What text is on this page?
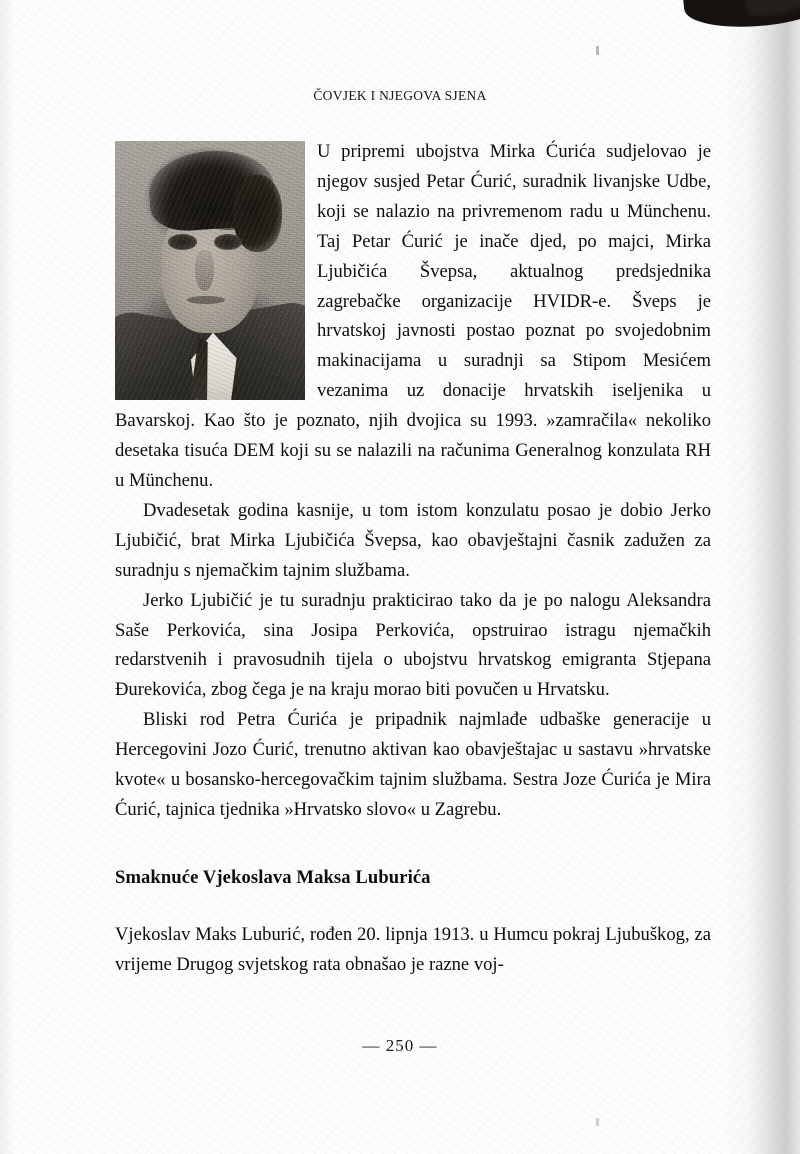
ČOVJEK I NJEGOVA SJENA

U pripremi ubojstva Mirka Ćurića sudjelovao je njegov susjed Petar Ćurić, suradnik livanjske Udbe, koji se nalazio na privremenom radu u Münchenu. Taj Petar Ćurić je inače djed, po majci, Mirka Ljubičića Švepsa, aktualnog predsjednika zagrebačke organizacije HVIDR-e. Šveps je hrvatskoj javnosti postao poznat po svojedobnim makinacijama u suradnji sa Stipom Mesićem vezanima uz donacije hrvatskih iseljenika u Bavarskoj. Kao što je poznato, njih dvojica su 1993. »zamračila« nekoliko desetaka tisuća DEM koji su se nalazili na računima Generalnog konzulata RH u Münchenu.

Dvadesetak godina kasnije, u tom istom konzulatu posao je dobio Jerko Ljubičić, brat Mirka Ljubičića Švepsa, kao obavještajni časnik zadužen za suradnju s njemačkim tajnim službama.

Jerko Ljubičić je tu suradnju prakticirao tako da je po nalogu Aleksandra Saše Perkovića, sina Josipa Perkovića, opstruirao istragu njemačkih redarstvenih i pravosudnih tijela o ubojstvu hrvatskog emigranta Stjepana Đurekovića, zbog čega je na kraju morao biti povučen u Hrvatsku.

Bliski rod Petra Ćurića je pripadnik najmlađe udbaške generacije u Hercegovini Jozo Ćurić, trenutno aktivan kao obavještajac u sastavu »hrvatske kvote« u bosansko-hercegovačkim tajnim službama. Sestra Joze Ćurića je Mira Ćurić, tajnica tjednika »Hrvatsko slovo« u Zagrebu.

Smaknuće Vjekoslava Maksa Luburića

Vjekoslav Maks Luburić, rođen 20. lipnja 1913. u Humcu pokraj Ljubuškog, za vrijeme Drugog svjetskog rata obnašao je razne voj-

— 250 —
